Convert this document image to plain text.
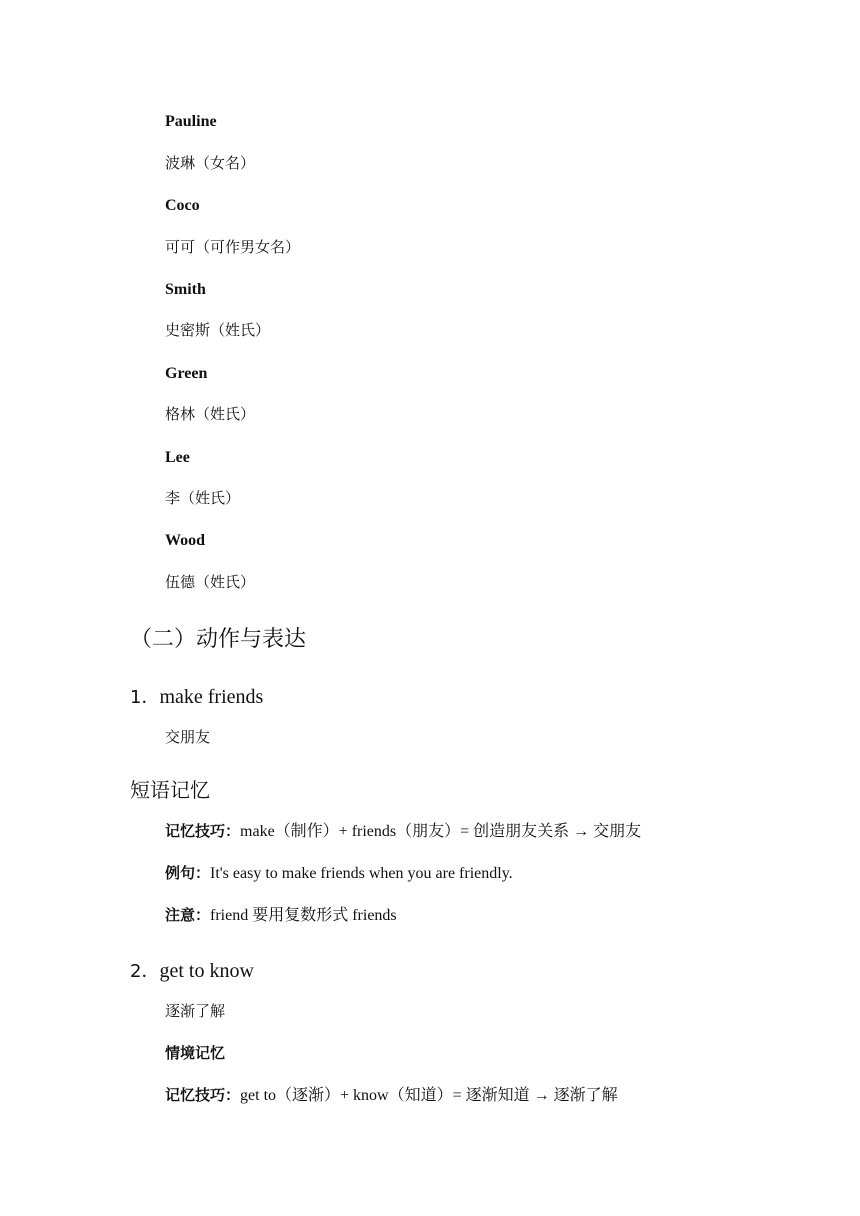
Pauline
波琳（女名）
Coco
可可（可作男女名）
Smith
史密斯（姓氏）
Green
格林（姓氏）
Lee
李（姓氏）
Wood
伍德（姓氏）
（二）动作与表达
1．make friends
交朋友
短语记忆
记忆技巧：make（制作）+ friends（朋友）= 创造朋友关系 → 交朋友
例句：It's easy to make friends when you are friendly.
注意：friend 要用复数形式 friends
2．get to know
逐渐了解
情境记忆
记忆技巧：get to（逐渐）+ know（知道）= 逐渐知道 → 逐渐了解
